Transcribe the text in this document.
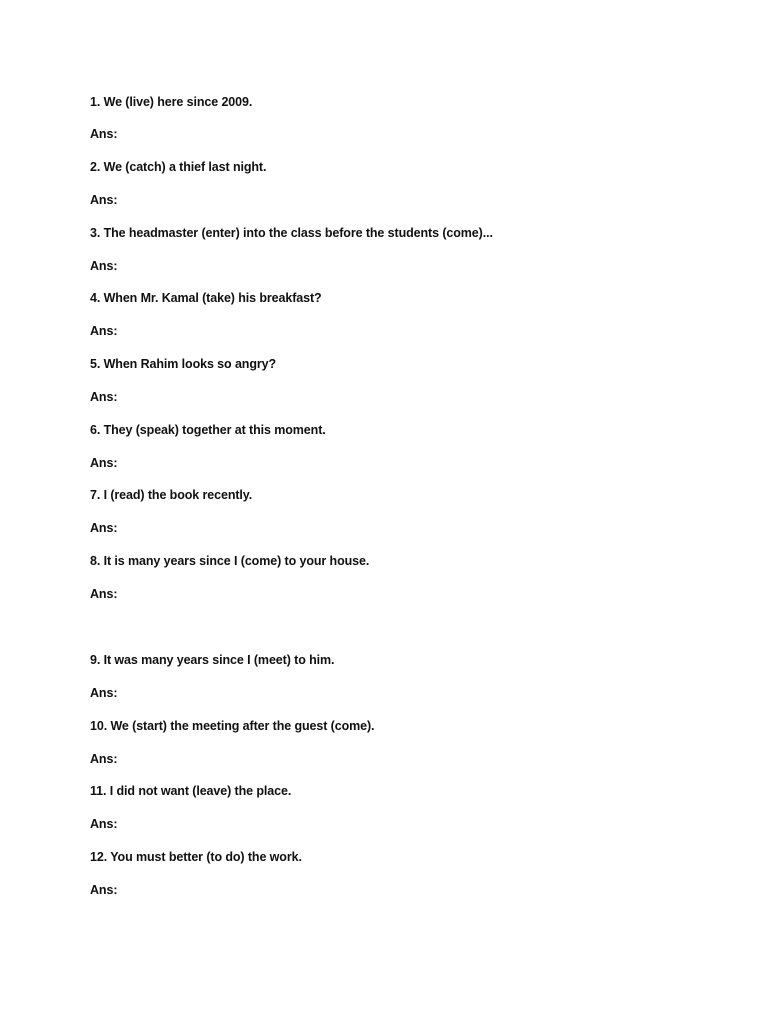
1. We (live) here since 2009.
Ans:
2. We (catch) a thief last night.
Ans:
3. The headmaster (enter) into the class before the students (come)...
Ans:
4. When Mr. Kamal (take) his breakfast?
Ans:
5. When Rahim looks so angry?
Ans:
6. They (speak) together at this moment.
Ans:
7. I (read) the book recently.
Ans:
8. It is many years since I (come) to your house.
Ans:
9. It was many years since I (meet) to him.
Ans:
10. We (start) the meeting after the guest (come).
Ans:
11. I did not want (leave) the place.
Ans:
12. You must better (to do) the work.
Ans:
